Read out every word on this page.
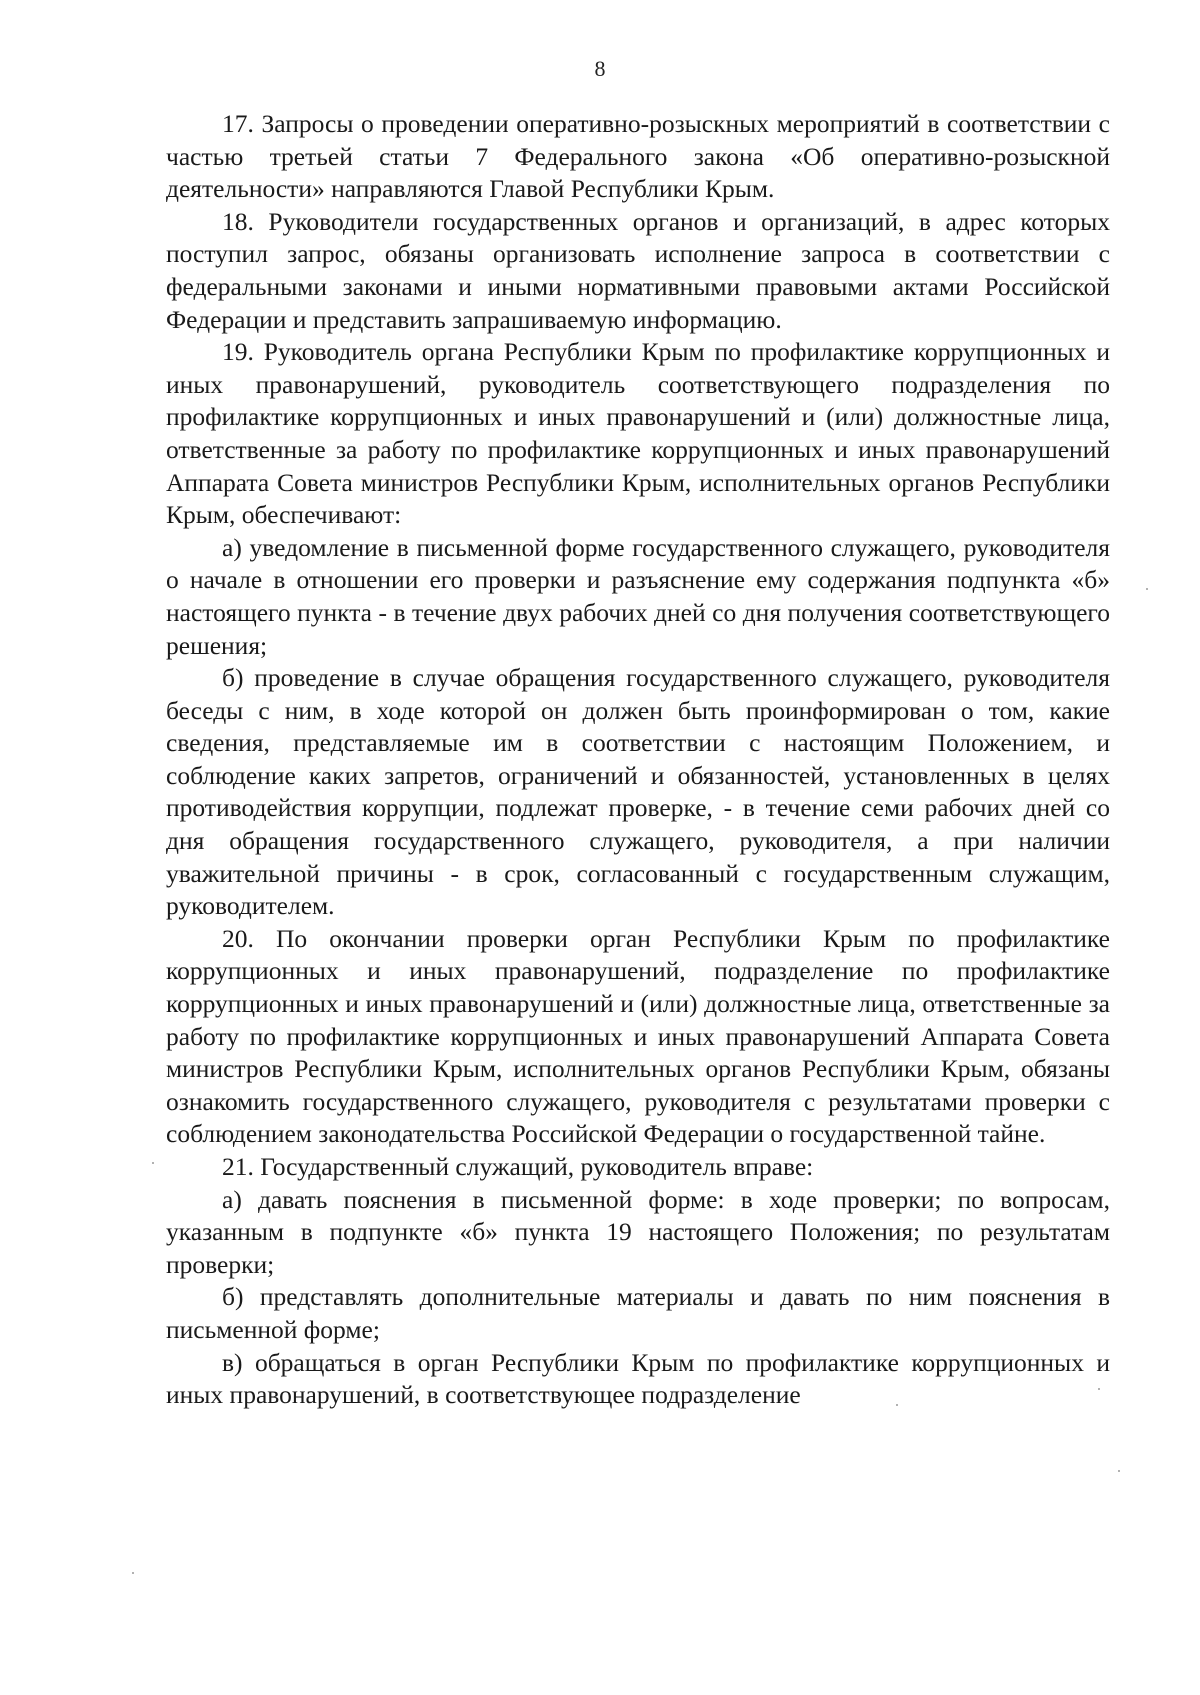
8

17. Запросы о проведении оперативно-розыскных мероприятий в соответствии с частью третьей статьи 7 Федерального закона «Об оперативно-розыскной деятельности» направляются Главой Республики Крым.

18. Руководители государственных органов и организаций, в адрес которых поступил запрос, обязаны организовать исполнение запроса в соответствии с федеральными законами и иными нормативными правовыми актами Российской Федерации и представить запрашиваемую информацию.

19. Руководитель органа Республики Крым по профилактике коррупционных и иных правонарушений, руководитель соответствующего подразделения по профилактике коррупционных и иных правонарушений и (или) должностные лица, ответственные за работу по профилактике коррупционных и иных правонарушений Аппарата Совета министров Республики Крым, исполнительных органов Республики Крым, обеспечивают:

а) уведомление в письменной форме государственного служащего, руководителя о начале в отношении его проверки и разъяснение ему содержания подпункта «б» настоящего пункта - в течение двух рабочих дней со дня получения соответствующего решения;

б) проведение в случае обращения государственного служащего, руководителя беседы с ним, в ходе которой он должен быть проинформирован о том, какие сведения, представляемые им в соответствии с настоящим Положением, и соблюдение каких запретов, ограничений и обязанностей, установленных в целях противодействия коррупции, подлежат проверке, - в течение семи рабочих дней со дня обращения государственного служащего, руководителя, а при наличии уважительной причины - в срок, согласованный с государственным служащим, руководителем.

20. По окончании проверки орган Республики Крым по профилактике коррупционных и иных правонарушений, подразделение по профилактике коррупционных и иных правонарушений и (или) должностные лица, ответственные за работу по профилактике коррупционных и иных правонарушений Аппарата Совета министров Республики Крым, исполнительных органов Республики Крым, обязаны ознакомить государственного служащего, руководителя с результатами проверки с соблюдением законодательства Российской Федерации о государственной тайне.

21. Государственный служащий, руководитель вправе:

а) давать пояснения в письменной форме: в ходе проверки; по вопросам, указанным в подпункте «б» пункта 19 настоящего Положения; по результатам проверки;

б) представлять дополнительные материалы и давать по ним пояснения в письменной форме;

в) обращаться в орган Республики Крым по профилактике коррупционных и иных правонарушений, в соответствующее подразделение
